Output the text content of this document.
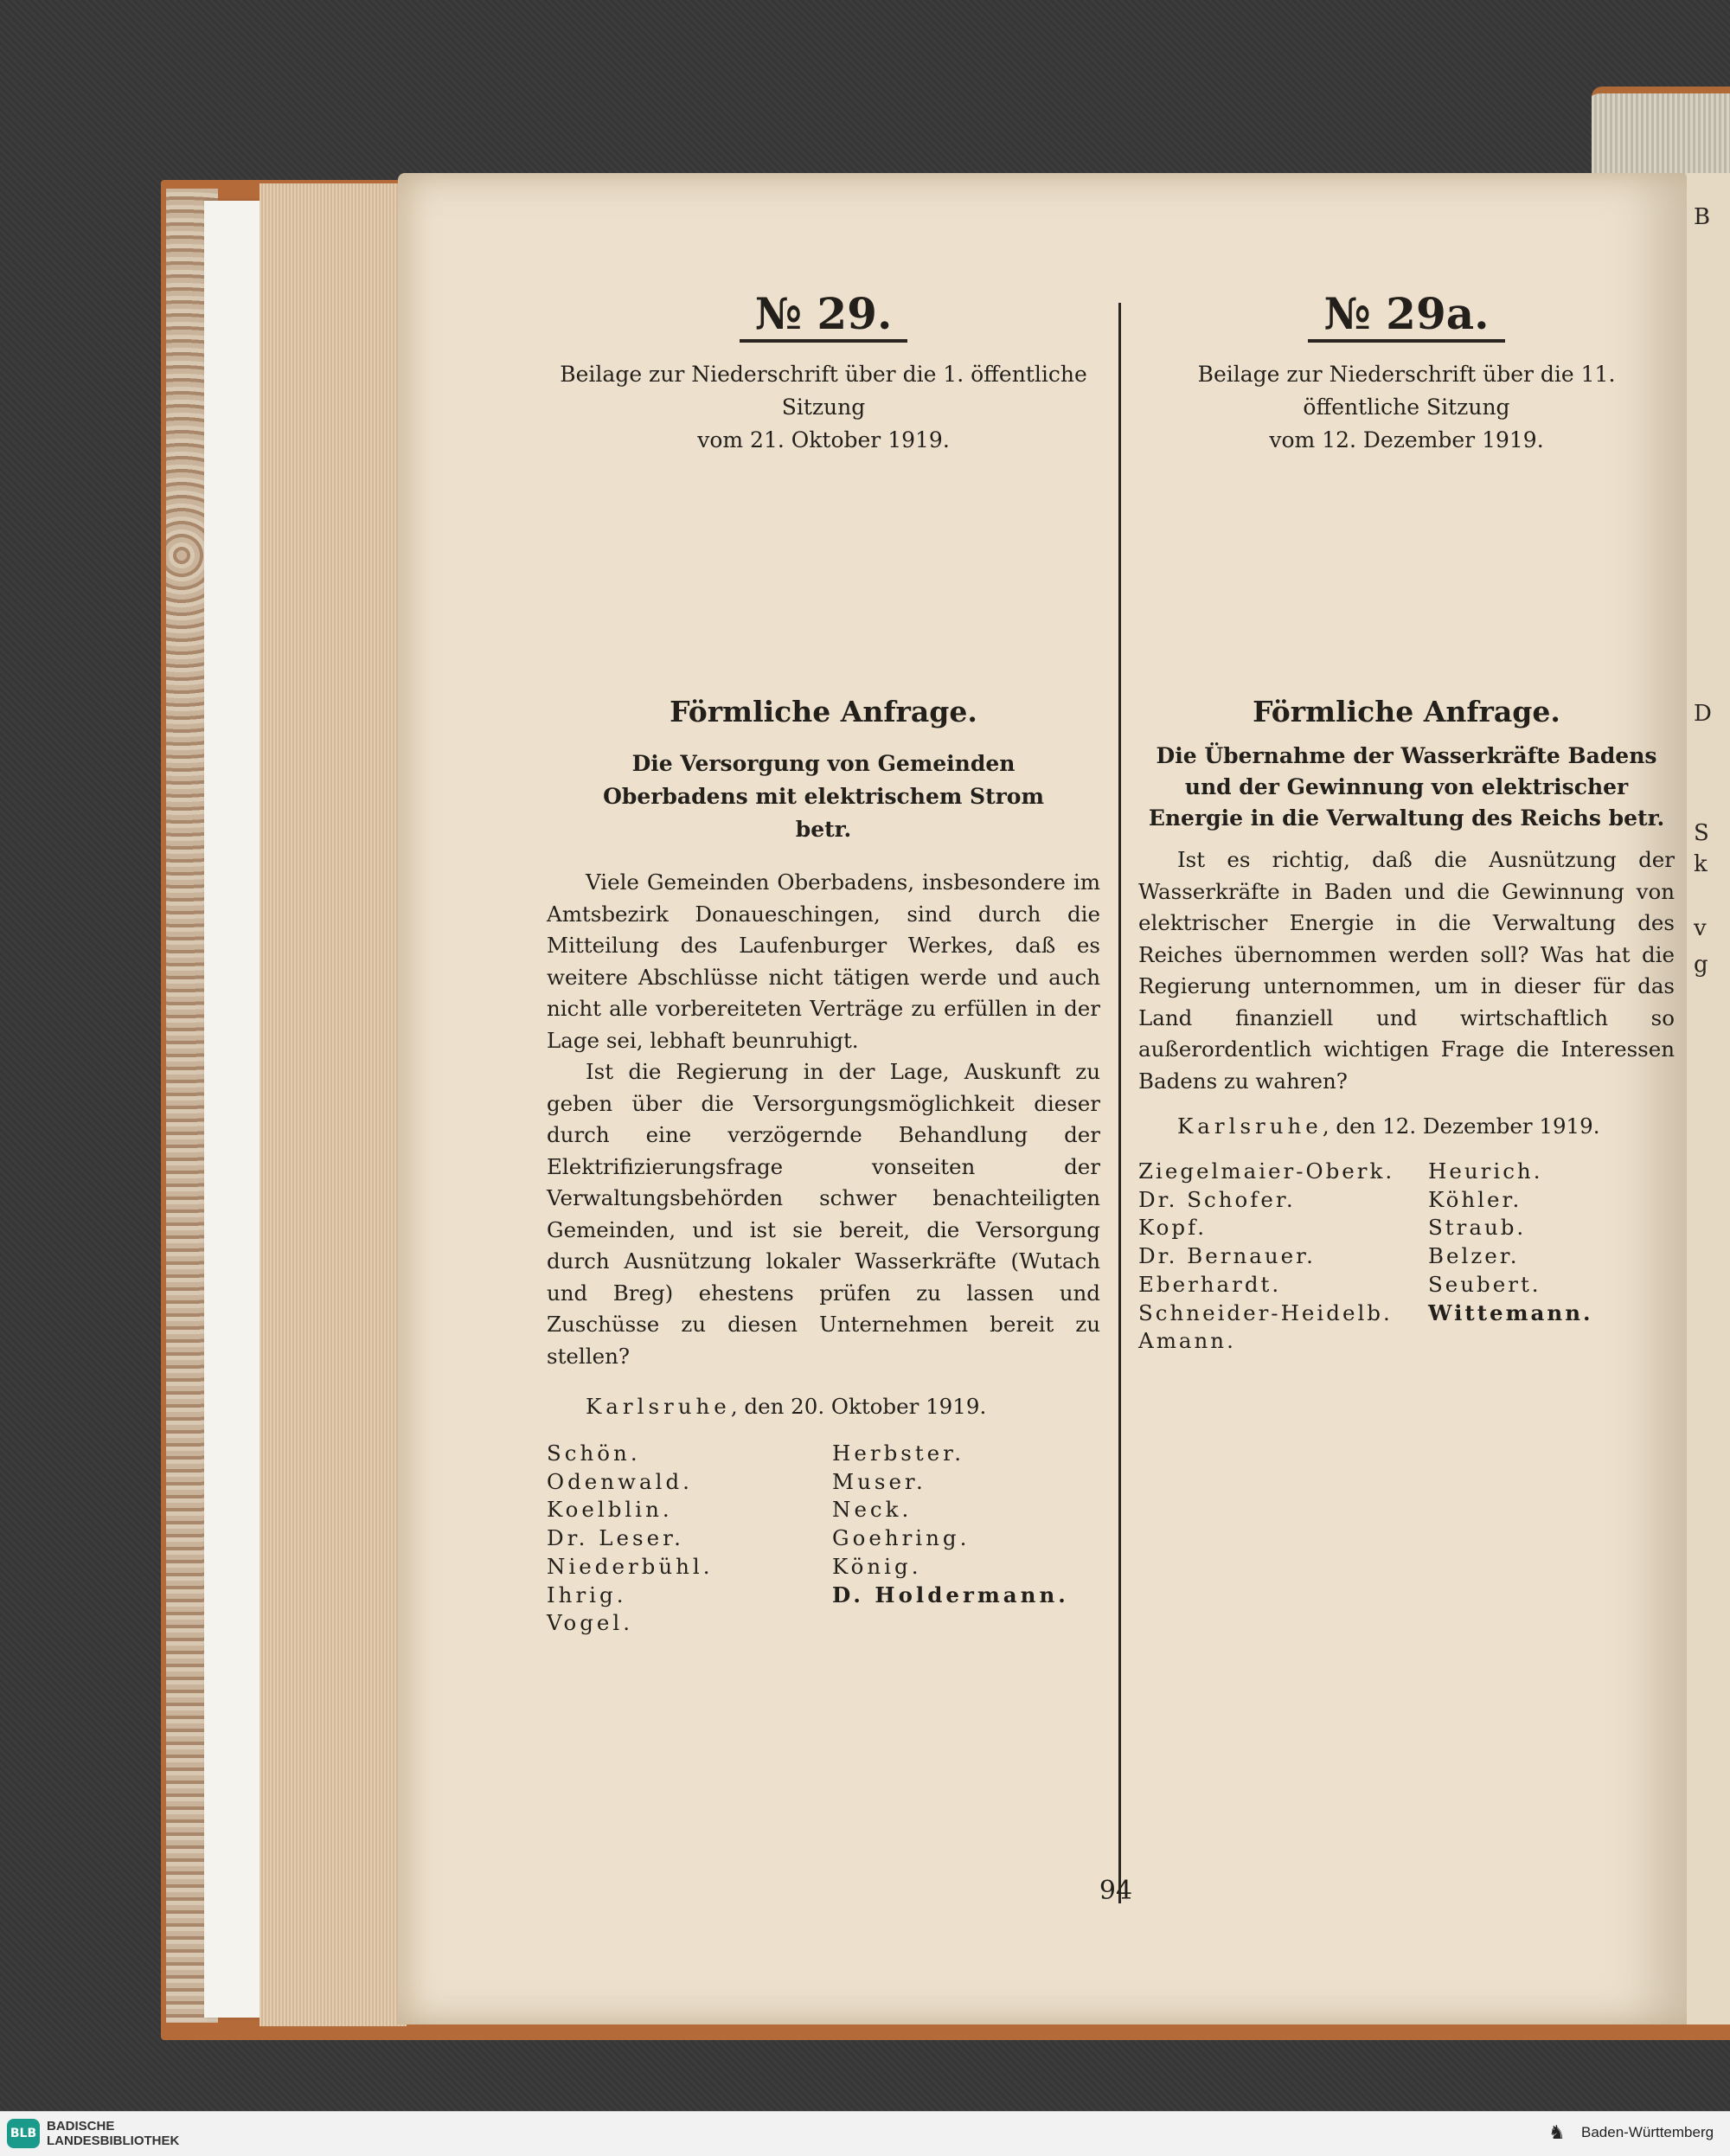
B
D
S
k
v
g
№ 29.

Beilage zur Niederschrift über die 1. öffentliche Sitzung
vom 21. Oktober 1919.

Förmliche Anfrage.

Die Versorgung von Gemeinden Oberbadens mit elektrischem Strom betr.

Viele Gemeinden Oberbadens, insbesondere im Amtsbezirk Donaueschingen, sind durch die Mitteilung des Laufenburger Werkes, daß es weitere Abschlüsse nicht tätigen werde und auch nicht alle vorbereiteten Verträge zu erfüllen in der Lage sei, lebhaft beunruhigt.

Ist die Regierung in der Lage, Auskunft zu geben über die Versorgungsmöglichkeit dieser durch eine verzögernde Behandlung der Elektrifizierungsfrage vonseiten der Verwaltungsbehörden schwer benachteiligten Gemeinden, und ist sie bereit, die Versorgung durch Ausnützung lokaler Wasserkräfte (Wutach und Breg) ehestens prüfen zu lassen und Zuschüsse zu diesen Unternehmen bereit zu stellen?

Karlsruhe, den 20. Oktober 1919.

Schön.
Odenwald.
Koelblin.
Dr. Leser.
Niederbühl.
Ihrig.
Vogel.
Herbster.
Muser.
Neck.
Goehring.
König.
D. Holdermann.
№ 29a.

Beilage zur Niederschrift über die 11. öffentliche Sitzung
vom 12. Dezember 1919.

Förmliche Anfrage.

Die Übernahme der Wasserkräfte Badens und der Gewinnung von elektrischer Energie in die Verwaltung des Reichs betr.

Ist es richtig, daß die Ausnützung der Wasserkräfte in Baden und die Gewinnung von elektrischer Energie in die Verwaltung des Reiches übernommen werden soll? Was hat die Regierung unternommen, um in dieser für das Land finanziell und wirtschaftlich so außerordentlich wichtigen Frage die Interessen Badens zu wahren?

Karlsruhe, den 12. Dezember 1919.

Ziegelmaier-Oberk.
Dr. Schofer.
Kopf.
Dr. Bernauer.
Eberhardt.
Schneider-Heidelb.
Amann.
Heurich.
Köhler.
Straub.
Belzer.
Seubert.
Wittemann.
94
BLB BADISCHE
LANDESBIBLIOTHEK	♞ Baden-Württemberg
